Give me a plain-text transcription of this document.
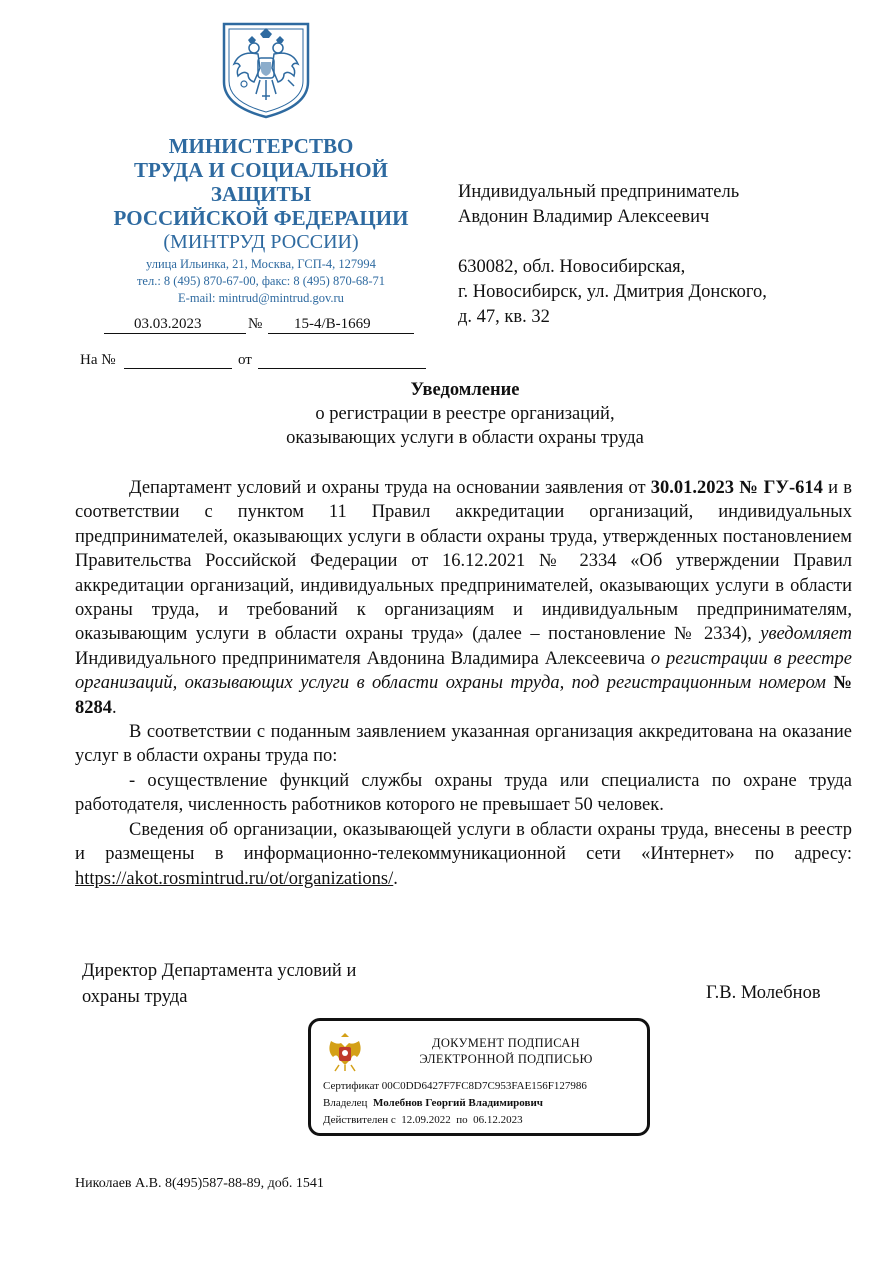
МИНИСТЕРСТВО
ТРУДА И СОЦИАЛЬНОЙ
ЗАЩИТЫ
РОССИЙСКОЙ ФЕДЕРАЦИИ
(МИНТРУД РОССИИ)
улица Ильинка, 21, Москва, ГСП-4, 127994
тел.: 8 (495) 870-67-00, факс: 8 (495) 870-68-71
E-mail: mintrud@mintrud.gov.ru
03.03.2023	№ 15-4/В-1669
На №	от

Индивидуальный предприниматель

Авдонин Владимир Алексеевич

630082, обл. Новосибирская,

г. Новосибирск, ул. Дмитрия Донского,

д. 47, кв. 32

Уведомление
о регистрации в реестре организаций,
оказывающих услуги в области охраны труда

Департамент условий и охраны труда на основании заявления от 30.01.2023 № ГУ-614 и в соответствии с пунктом 11 Правил аккредитации организаций, индивидуальных предпринимателей, оказывающих услуги в области охраны труда, утвержденных постановлением Правительства Российской Федерации от 16.12.2021 № 2334 «Об утверждении Правил аккредитации организаций, индивидуальных предпринимателей, оказывающих услуги в области охраны труда, и требований к организациям и индивидуальным предпринимателям, оказывающим услуги в области охраны труда» (далее – постановление № 2334), уведомляет Индивидуального предпринимателя Авдонина Владимира Алексеевича о регистрации в реестре организаций, оказывающих услуги в области охраны труда, под регистрационным номером № 8284.

В соответствии с поданным заявлением указанная организация аккредитована на оказание услуг в области охраны труда по:

- осуществление функций службы охраны труда или специалиста по охране труда работодателя, численность работников которого не превышает 50 человек.

Сведения об организации, оказывающей услуги в области охраны труда, внесены в реестр и размещены в информационно-телекоммуникационной сети «Интернет» по адресу: https://akot.rosmintrud.ru/ot/organizations/.

Директор Департамента условий и
охраны труда	Г.В. Молебнов
ДОКУМЕНТ ПОДПИСАН
ЭЛЕКТРОННОЙ ПОДПИСЬЮ
Сертификат 00C0DD6427F7FC8D7C953FAE156F127986
Владелец Молебнов Георгий Владимирович
Действителен с 12.09.2022 по 06.12.2023
Николаев А.В. 8(495)587-88-89, доб. 1541
